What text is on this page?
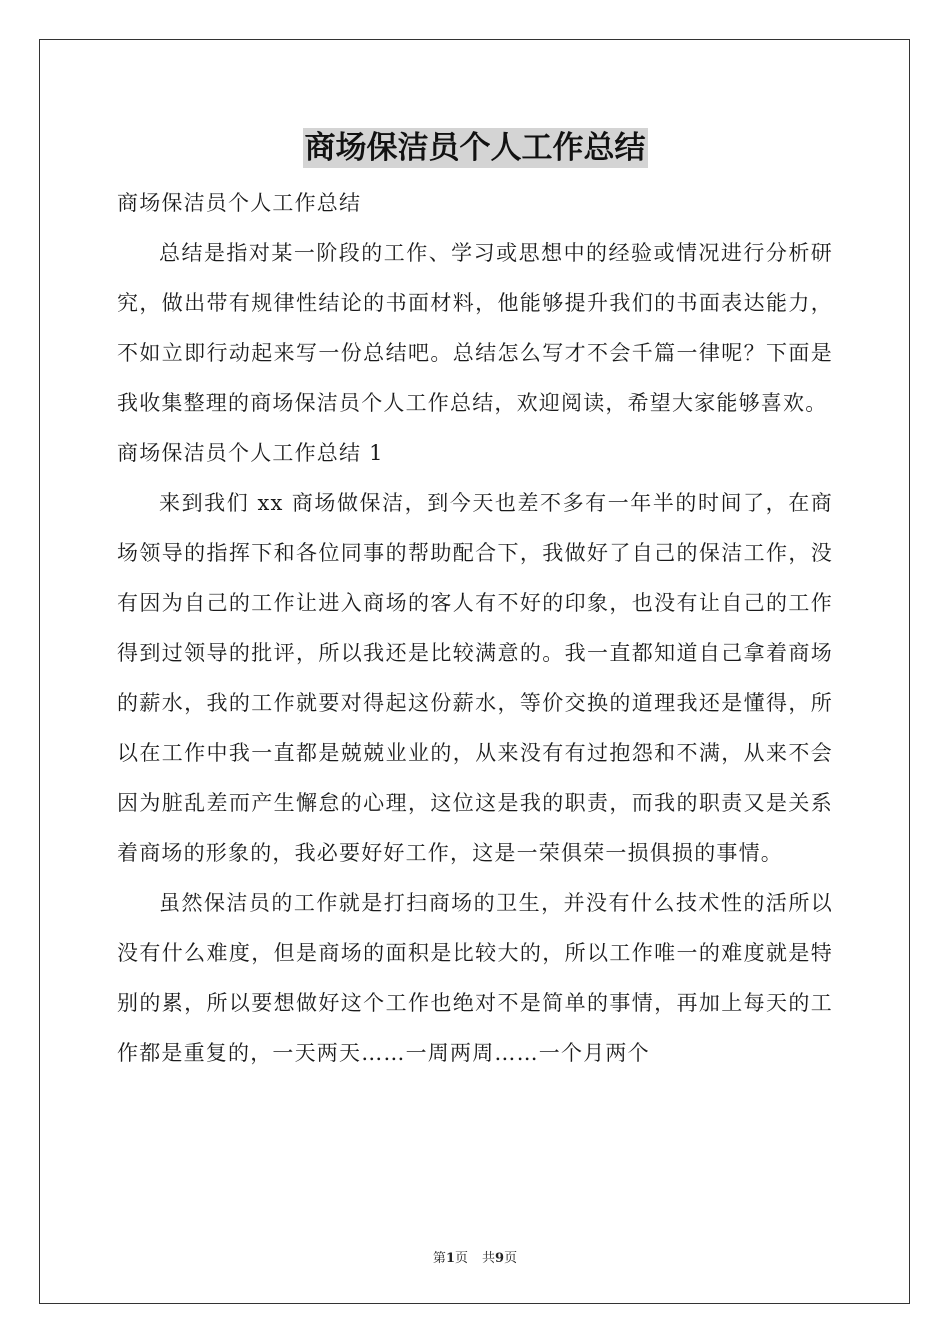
商场保洁员个人工作总结

商场保洁员个人工作总结

总结是指对某一阶段的工作、学习或思想中的经验或情况进行分析研究，做出带有规律性结论的书面材料，他能够提升我们的书面表达能力，不如立即行动起来写一份总结吧。总结怎么写才不会千篇一律呢？下面是我收集整理的商场保洁员个人工作总结，欢迎阅读，希望大家能够喜欢。

商场保洁员个人工作总结 1

来到我们 xx 商场做保洁，到今天也差不多有一年半的时间了，在商场领导的指挥下和各位同事的帮助配合下，我做好了自己的保洁工作，没有因为自己的工作让进入商场的客人有不好的印象，也没有让自己的工作得到过领导的批评，所以我还是比较满意的。我一直都知道自己拿着商场的薪水，我的工作就要对得起这份薪水，等价交换的道理我还是懂得，所以在工作中我一直都是兢兢业业的，从来没有有过抱怨和不满，从来不会因为脏乱差而产生懈怠的心理，这位这是我的职责，而我的职责又是关系着商场的形象的，我必要好好工作，这是一荣俱荣一损俱损的事情。

虽然保洁员的工作就是打扫商场的卫生，并没有什么技术性的活所以没有什么难度，但是商场的面积是比较大的，所以工作唯一的难度就是特别的累，所以要想做好这个工作也绝对不是简单的事情，再加上每天的工作都是重复的，一天两天……一周两周……一个月两个

第1页 共9页
